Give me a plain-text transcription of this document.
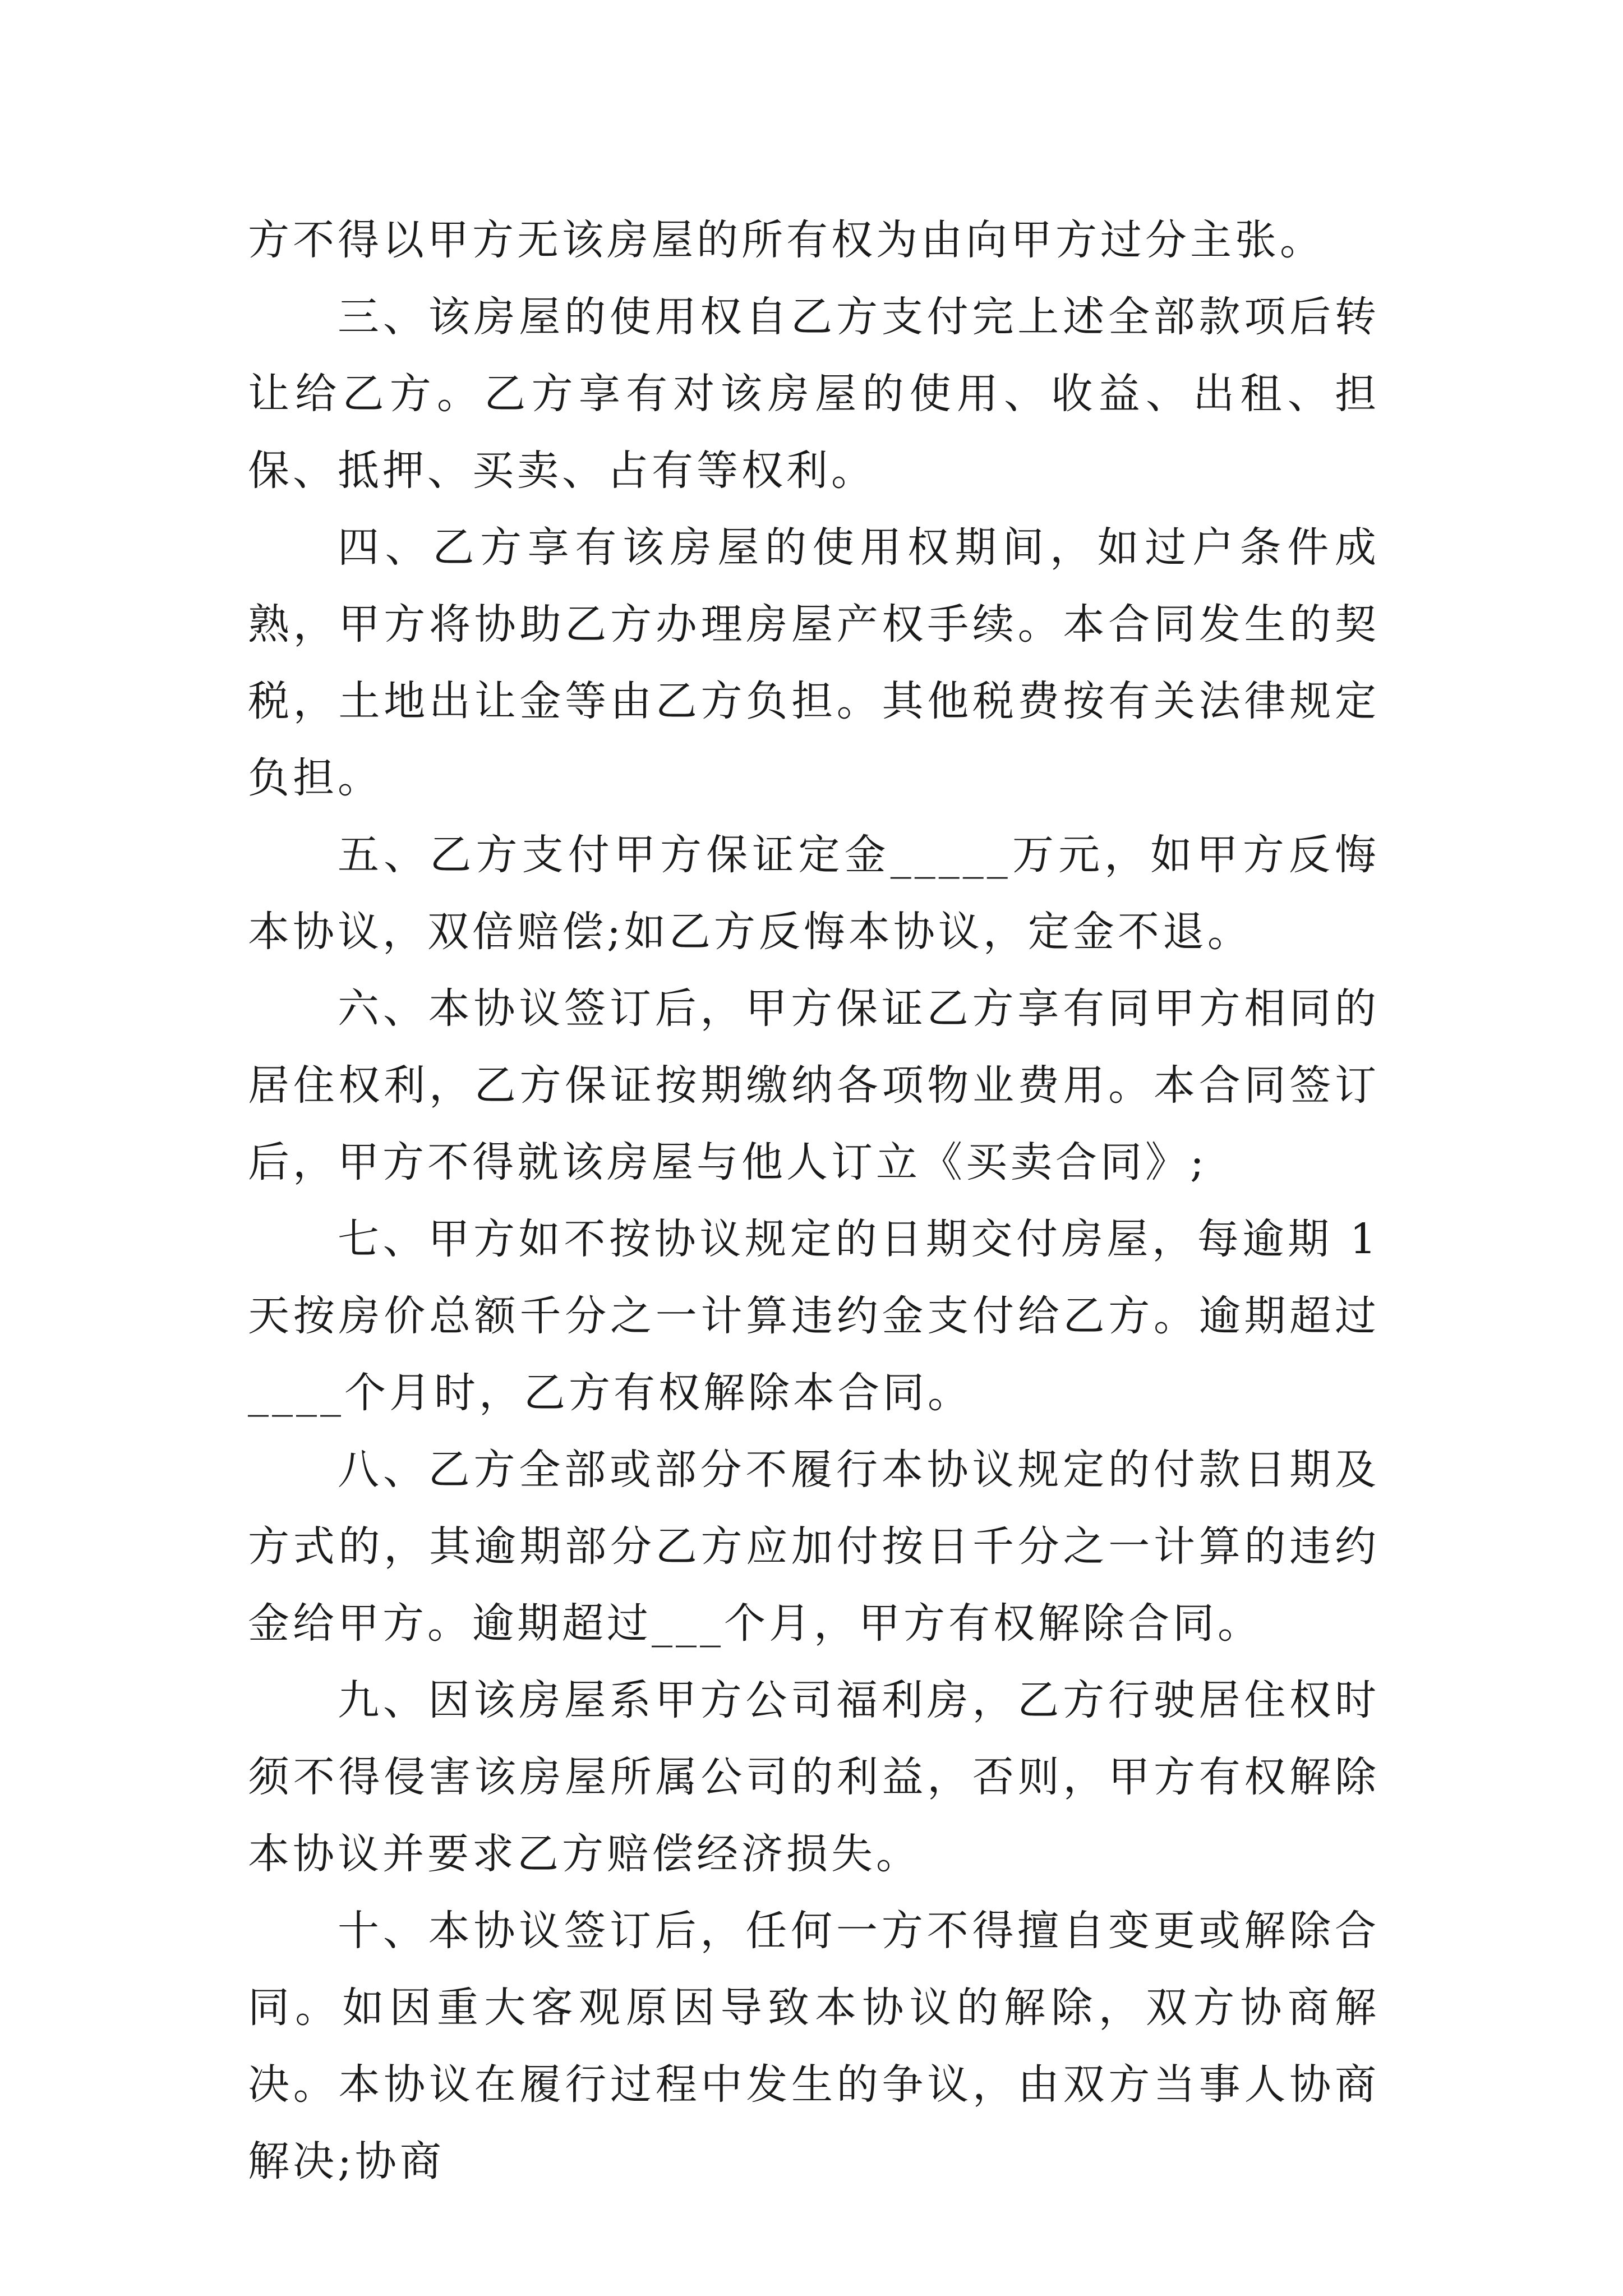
方不得以甲方无该房屋的所有权为由向甲方过分主张。

三、该房屋的使用权自乙方支付完上述全部款项后转让给乙方。乙方享有对该房屋的使用、收益、出租、担保、抵押、买卖、占有等权利。

四、乙方享有该房屋的使用权期间，如过户条件成熟，甲方将协助乙方办理房屋产权手续。本合同发生的契税，土地出让金等由乙方负担。其他税费按有关法律规定负担。

五、乙方支付甲方保证定金_____万元，如甲方反悔本协议，双倍赔偿;如乙方反悔本协议，定金不退。

六、本协议签订后，甲方保证乙方享有同甲方相同的居住权利，乙方保证按期缴纳各项物业费用。本合同签订后，甲方不得就该房屋与他人订立《买卖合同》;

七、甲方如不按协议规定的日期交付房屋，每逾期 1 天按房价总额千分之一计算违约金支付给乙方。逾期超过____个月时，乙方有权解除本合同。

八、乙方全部或部分不履行本协议规定的付款日期及方式的，其逾期部分乙方应加付按日千分之一计算的违约金给甲方。逾期超过___个月，甲方有权解除合同。

九、因该房屋系甲方公司福利房，乙方行驶居住权时须不得侵害该房屋所属公司的利益，否则，甲方有权解除本协议并要求乙方赔偿经济损失。

十、本协议签订后，任何一方不得擅自变更或解除合同。如因重大客观原因导致本协议的解除，双方协商解决。本协议在履行过程中发生的争议，由双方当事人协商解决;协商
